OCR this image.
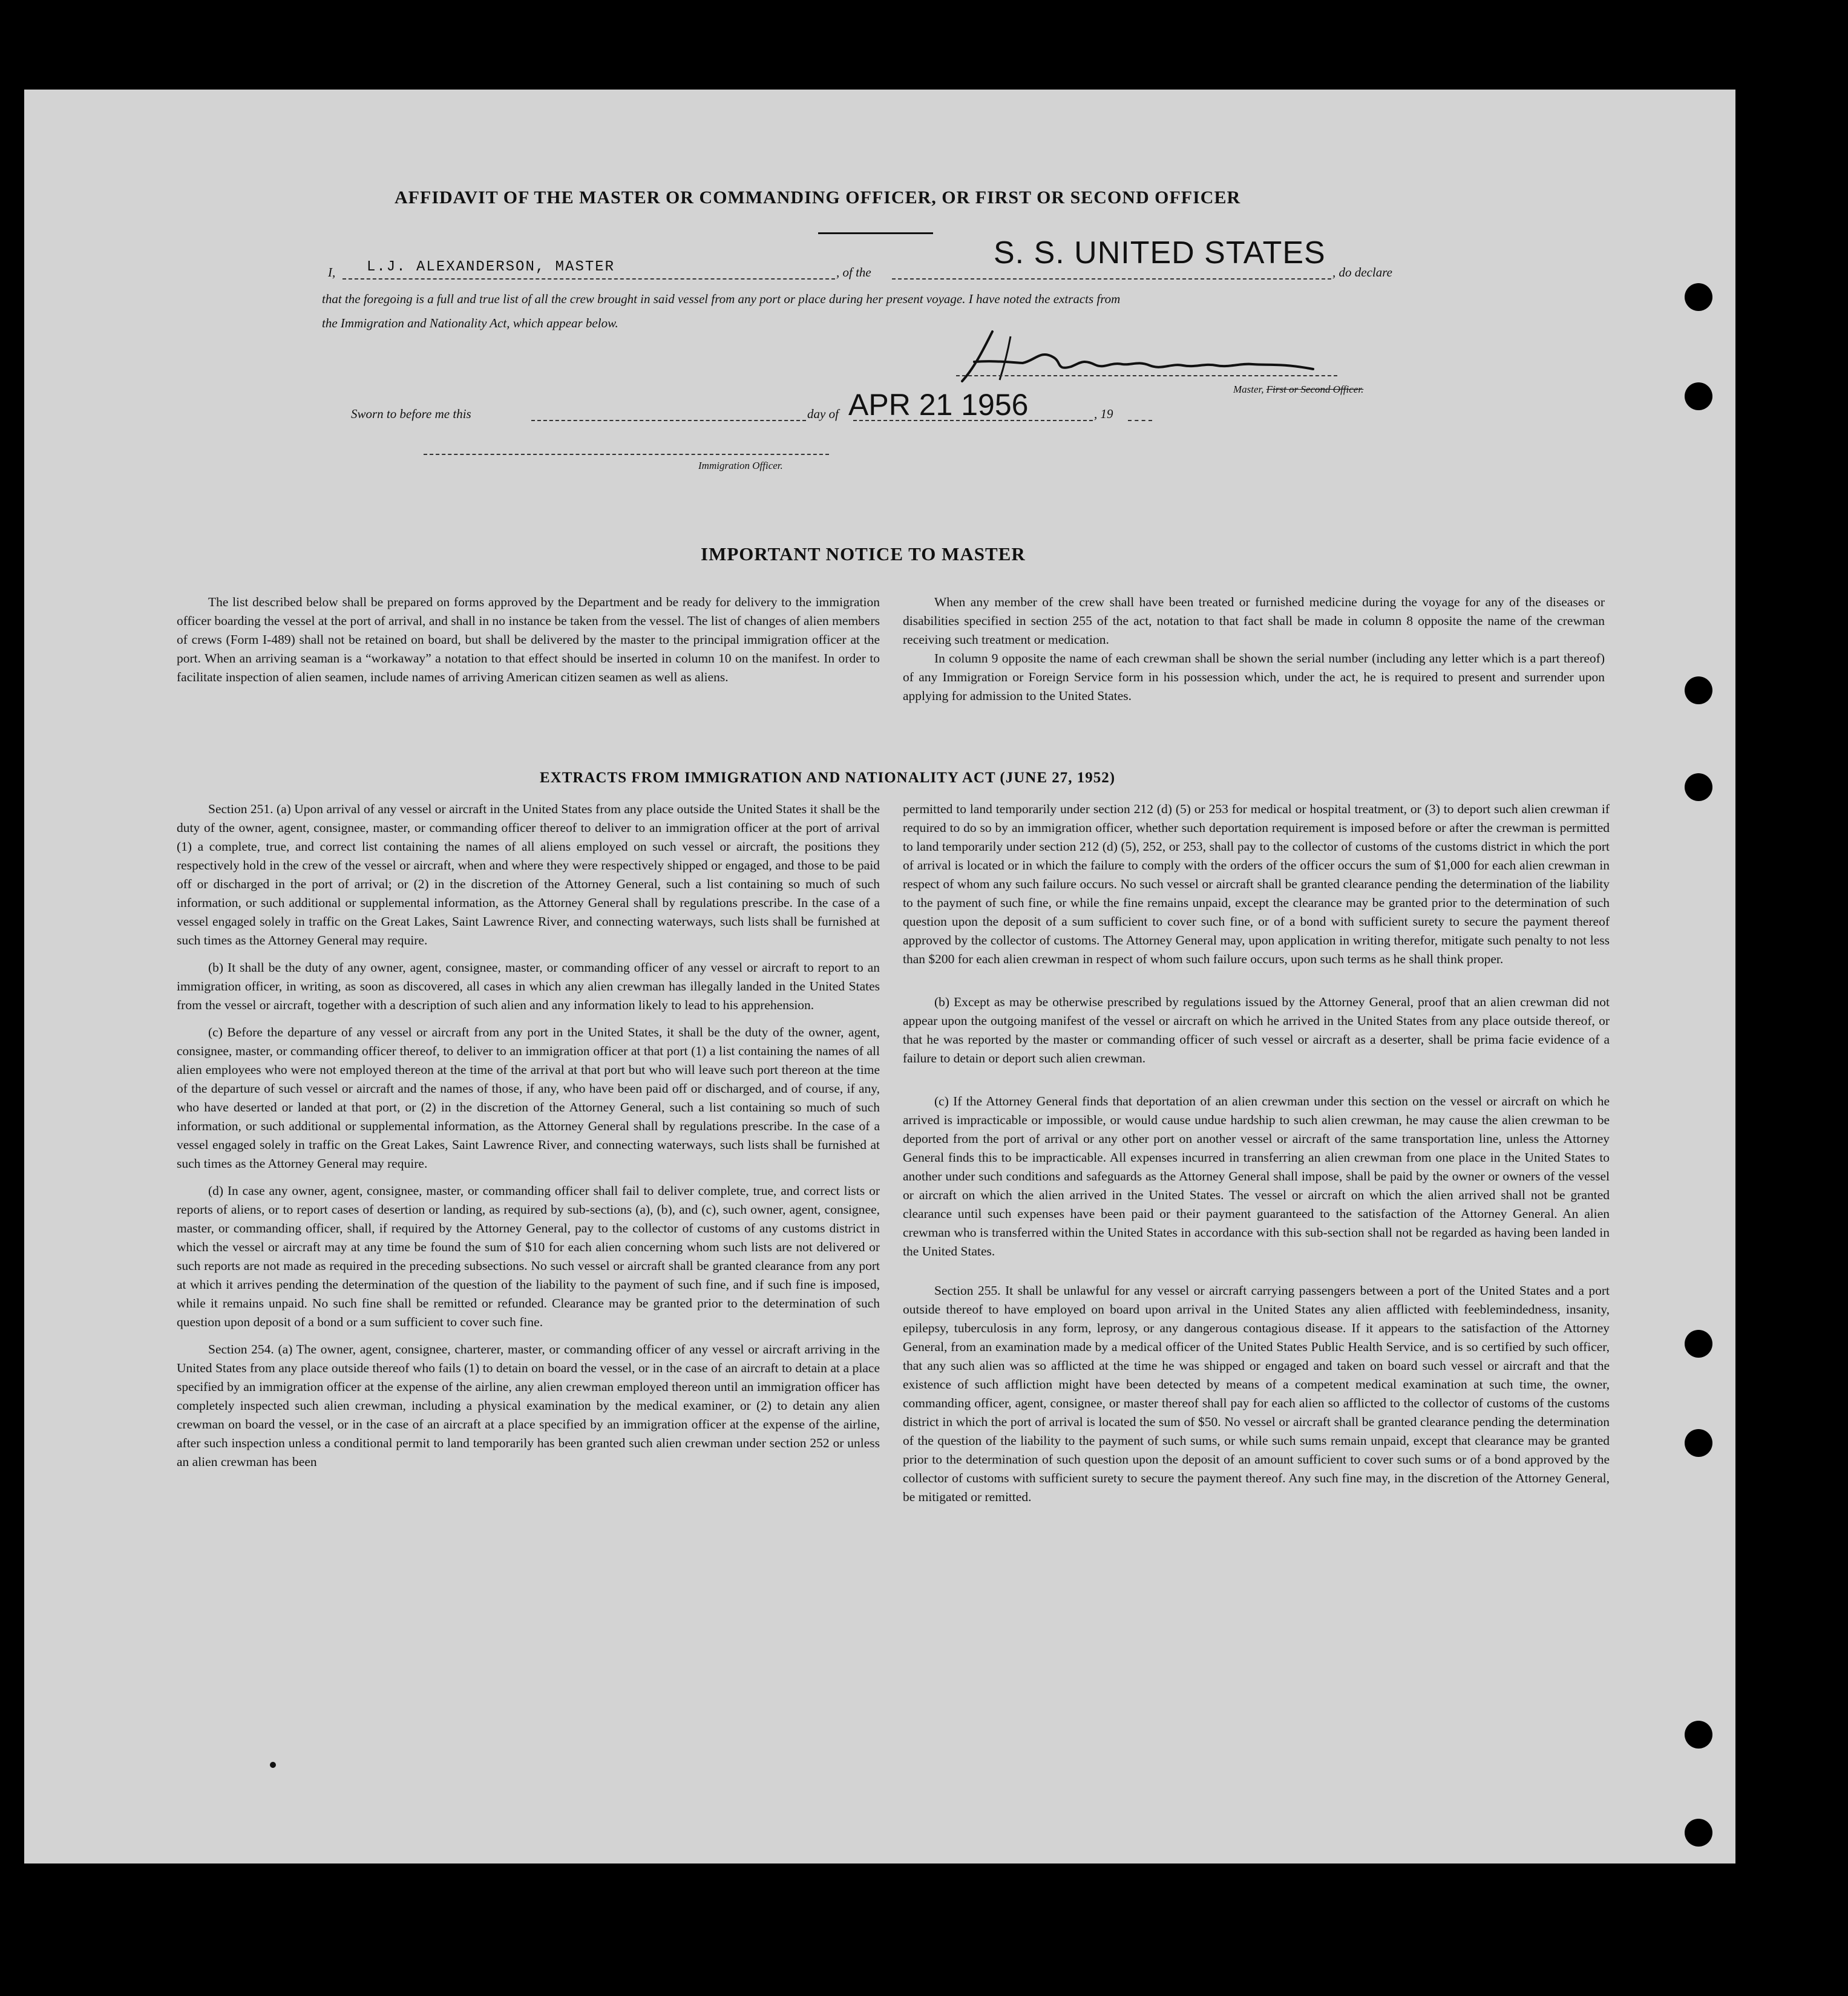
AFFIDAVIT OF THE MASTER OR COMMANDING OFFICER, OR FIRST OR SECOND OFFICER
I, L.J. ALEXANDERSON, MASTER	, of the
S. S. UNITED STATES
, do declare
that the foregoing is a full and true list of all the crew brought in said vessel from any port or place during her present voyage. I have noted the extracts from
the Immigration and Nationality Act, which appear below.
Master, First or Second Officer.
Sworn to before me this	day of APR 21 1956	, 19
Immigration Officer.
IMPORTANT NOTICE TO MASTER

The list described below shall be prepared on forms approved by the Department and be ready for delivery to the immigration officer boarding the vessel at the port of arrival, and shall in no instance be taken from the vessel. The list of changes of alien members of crews (Form I-489) shall not be retained on board, but shall be delivered by the master to the principal immigration officer at the port. When an arriving seaman is a “workaway” a notation to that effect should be inserted in column 10 on the manifest. In order to facilitate inspection of alien seamen, include names of arriving American citizen seamen as well as aliens.

When any member of the crew shall have been treated or furnished medicine during the voyage for any of the diseases or disabilities specified in section 255 of the act, notation to that fact shall be made in column 8 opposite the name of the crewman receiving such treatment or medication.

In column 9 opposite the name of each crewman shall be shown the serial number (including any letter which is a part thereof) of any Immigration or Foreign Service form in his possession which, under the act, he is required to present and surrender upon applying for admission to the United States.

EXTRACTS FROM IMMIGRATION AND NATIONALITY ACT (JUNE 27, 1952)

Section 251. (a) Upon arrival of any vessel or aircraft in the United States from any place outside the United States it shall be the duty of the owner, agent, consignee, master, or commanding officer thereof to deliver to an immigration officer at the port of arrival (1) a complete, true, and correct list containing the names of all aliens employed on such vessel or aircraft, the positions they respectively hold in the crew of the vessel or aircraft, when and where they were respectively shipped or engaged, and those to be paid off or discharged in the port of arrival; or (2) in the discretion of the Attorney General, such a list containing so much of such information, or such additional or supplemental information, as the Attorney General shall by regulations prescribe. In the case of a vessel engaged solely in traffic on the Great Lakes, Saint Lawrence River, and connecting waterways, such lists shall be furnished at such times as the Attorney General may require.

(b) It shall be the duty of any owner, agent, consignee, master, or commanding officer of any vessel or aircraft to report to an immigration officer, in writing, as soon as discovered, all cases in which any alien crewman has illegally landed in the United States from the vessel or aircraft, together with a description of such alien and any information likely to lead to his apprehension.

(c) Before the departure of any vessel or aircraft from any port in the United States, it shall be the duty of the owner, agent, consignee, master, or commanding officer thereof, to deliver to an immigration officer at that port (1) a list containing the names of all alien employees who were not employed thereon at the time of the arrival at that port but who will leave such port thereon at the time of the departure of such vessel or aircraft and the names of those, if any, who have been paid off or discharged, and of course, if any, who have deserted or landed at that port, or (2) in the discretion of the Attorney General, such a list containing so much of such information, or such additional or supplemental information, as the Attorney General shall by regulations prescribe. In the case of a vessel engaged solely in traffic on the Great Lakes, Saint Lawrence River, and connecting waterways, such lists shall be furnished at such times as the Attorney General may require.

(d) In case any owner, agent, consignee, master, or commanding officer shall fail to deliver complete, true, and correct lists or reports of aliens, or to report cases of desertion or landing, as required by sub-sections (a), (b), and (c), such owner, agent, consignee, master, or commanding officer, shall, if required by the Attorney General, pay to the collector of customs of any customs district in which the vessel or aircraft may at any time be found the sum of $10 for each alien concerning whom such lists are not delivered or such reports are not made as required in the preceding subsections. No such vessel or aircraft shall be granted clearance from any port at which it arrives pending the determination of the question of the liability to the payment of such fine, and if such fine is imposed, while it remains unpaid. No such fine shall be remitted or refunded. Clearance may be granted prior to the determination of such question upon deposit of a bond or a sum sufficient to cover such fine.

Section 254. (a) The owner, agent, consignee, charterer, master, or commanding officer of any vessel or aircraft arriving in the United States from any place outside thereof who fails (1) to detain on board the vessel, or in the case of an aircraft to detain at a place specified by an immigration officer at the expense of the airline, any alien crewman employed thereon until an immigration officer has completely inspected such alien crewman, including a physical examination by the medical examiner, or (2) to detain any alien crewman on board the vessel, or in the case of an aircraft at a place specified by an immigration officer at the expense of the airline, after such inspection unless a conditional permit to land temporarily has been granted such alien crewman under section 252 or unless an alien crewman has been

permitted to land temporarily under section 212 (d) (5) or 253 for medical or hospital treatment, or (3) to deport such alien crewman if required to do so by an immigration officer, whether such deportation requirement is imposed before or after the crewman is permitted to land temporarily under section 212 (d) (5), 252, or 253, shall pay to the collector of customs of the customs district in which the port of arrival is located or in which the failure to comply with the orders of the officer occurs the sum of $1,000 for each alien crewman in respect of whom any such failure occurs. No such vessel or aircraft shall be granted clearance pending the determination of the liability to the payment of such fine, or while the fine remains unpaid, except the clearance may be granted prior to the determination of such question upon the deposit of a sum sufficient to cover such fine, or of a bond with sufficient surety to secure the payment thereof approved by the collector of customs. The Attorney General may, upon application in writing therefor, mitigate such penalty to not less than $200 for each alien crewman in respect of whom such failure occurs, upon such terms as he shall think proper.

(b) Except as may be otherwise prescribed by regulations issued by the Attorney General, proof that an alien crewman did not appear upon the outgoing manifest of the vessel or aircraft on which he arrived in the United States from any place outside thereof, or that he was reported by the master or commanding officer of such vessel or aircraft as a deserter, shall be prima facie evidence of a failure to detain or deport such alien crewman.

(c) If the Attorney General finds that deportation of an alien crewman under this section on the vessel or aircraft on which he arrived is impracticable or impossible, or would cause undue hardship to such alien crewman, he may cause the alien crewman to be deported from the port of arrival or any other port on another vessel or aircraft of the same transportation line, unless the Attorney General finds this to be impracticable. All expenses incurred in transferring an alien crewman from one place in the United States to another under such conditions and safeguards as the Attorney General shall impose, shall be paid by the owner or owners of the vessel or aircraft on which the alien arrived in the United States. The vessel or aircraft on which the alien arrived shall not be granted clearance until such expenses have been paid or their payment guaranteed to the satisfaction of the Attorney General. An alien crewman who is transferred within the United States in accordance with this sub-section shall not be regarded as having been landed in the United States.

Section 255. It shall be unlawful for any vessel or aircraft carrying passengers between a port of the United States and a port outside thereof to have employed on board upon arrival in the United States any alien afflicted with feeblemindedness, insanity, epilepsy, tuberculosis in any form, leprosy, or any dangerous contagious disease. If it appears to the satisfaction of the Attorney General, from an examination made by a medical officer of the United States Public Health Service, and is so certified by such officer, that any such alien was so afflicted at the time he was shipped or engaged and taken on board such vessel or aircraft and that the existence of such affliction might have been detected by means of a competent medical examination at such time, the owner, commanding officer, agent, consignee, or master thereof shall pay for each alien so afflicted to the collector of customs of the customs district in which the port of arrival is located the sum of $50. No vessel or aircraft shall be granted clearance pending the determination of the question of the liability to the payment of such sums, or while such sums remain unpaid, except that clearance may be granted prior to the determination of such question upon the deposit of an amount sufficient to cover such sums or of a bond approved by the collector of customs with sufficient surety to secure the payment thereof. Any such fine may, in the discretion of the Attorney General, be mitigated or remitted.
